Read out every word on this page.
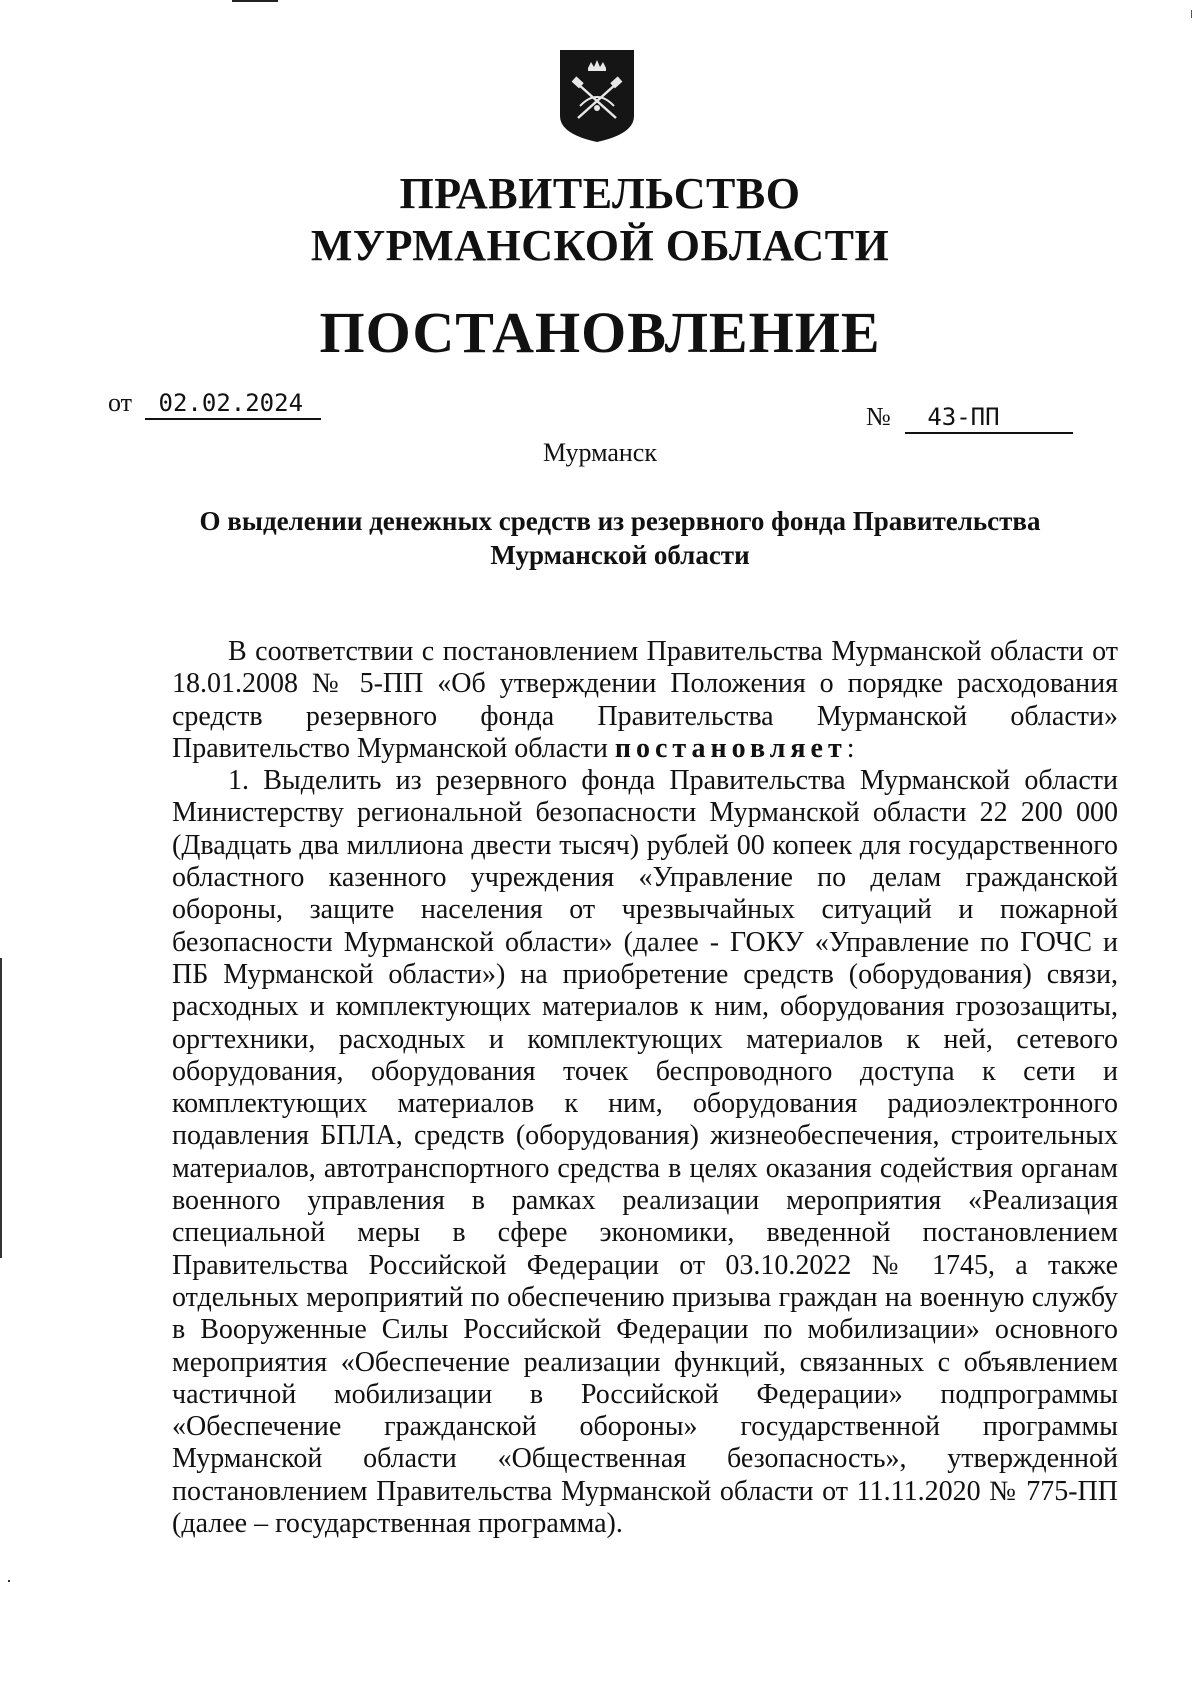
ПРАВИТЕЛЬСТВО
МУРМАНСКОЙ ОБЛАСТИ
ПОСТАНОВЛЕНИЕ
от 02.02.2024	№ 43-ПП
Мурманск
О выделении денежных средств из резервного фонда Правительства Мурманской области

В соответствии с постановлением Правительства Мурманской области от 18.01.2008 № 5-ПП «Об утверждении Положения о порядке расходования средств резервного фонда Правительства Мурманской области» Правительство Мурманской области постановляет:

1. Выделить из резервного фонда Правительства Мурманской области Министерству региональной безопасности Мурманской области 22 200 000 (Двадцать два миллиона двести тысяч) рублей 00 копеек для государственного областного казенного учреждения «Управление по делам гражданской обороны, защите населения от чрезвычайных ситуаций и пожарной безопасности Мурманской области» (далее - ГОКУ «Управление по ГОЧС и ПБ Мурманской области») на приобретение средств (оборудования) связи, расходных и комплектующих материалов к ним, оборудования грозозащиты, оргтехники, расходных и комплектующих материалов к ней, сетевого оборудования, оборудования точек беспроводного доступа к сети и комплектующих материалов к ним, оборудования радиоэлектронного подавления БПЛА, средств (оборудования) жизнеобеспечения, строительных материалов, автотранспортного средства в целях оказания содействия органам военного управления в рамках реализации мероприятия «Реализация специальной меры в сфере экономики, введенной постановлением Правительства Российской Федерации от 03.10.2022 № 1745, а также отдельных мероприятий по обеспечению призыва граждан на военную службу в Вооруженные Силы Российской Федерации по мобилизации» основного мероприятия «Обеспечение реализации функций, связанных с объявлением частичной мобилизации в Российской Федерации» подпрограммы «Обеспечение гражданской обороны» государственной программы Мурманской области «Общественная безопасность», утвержденной постановлением Правительства Мурманской области от 11.11.2020 № 775-ПП (далее – государственная программа).
